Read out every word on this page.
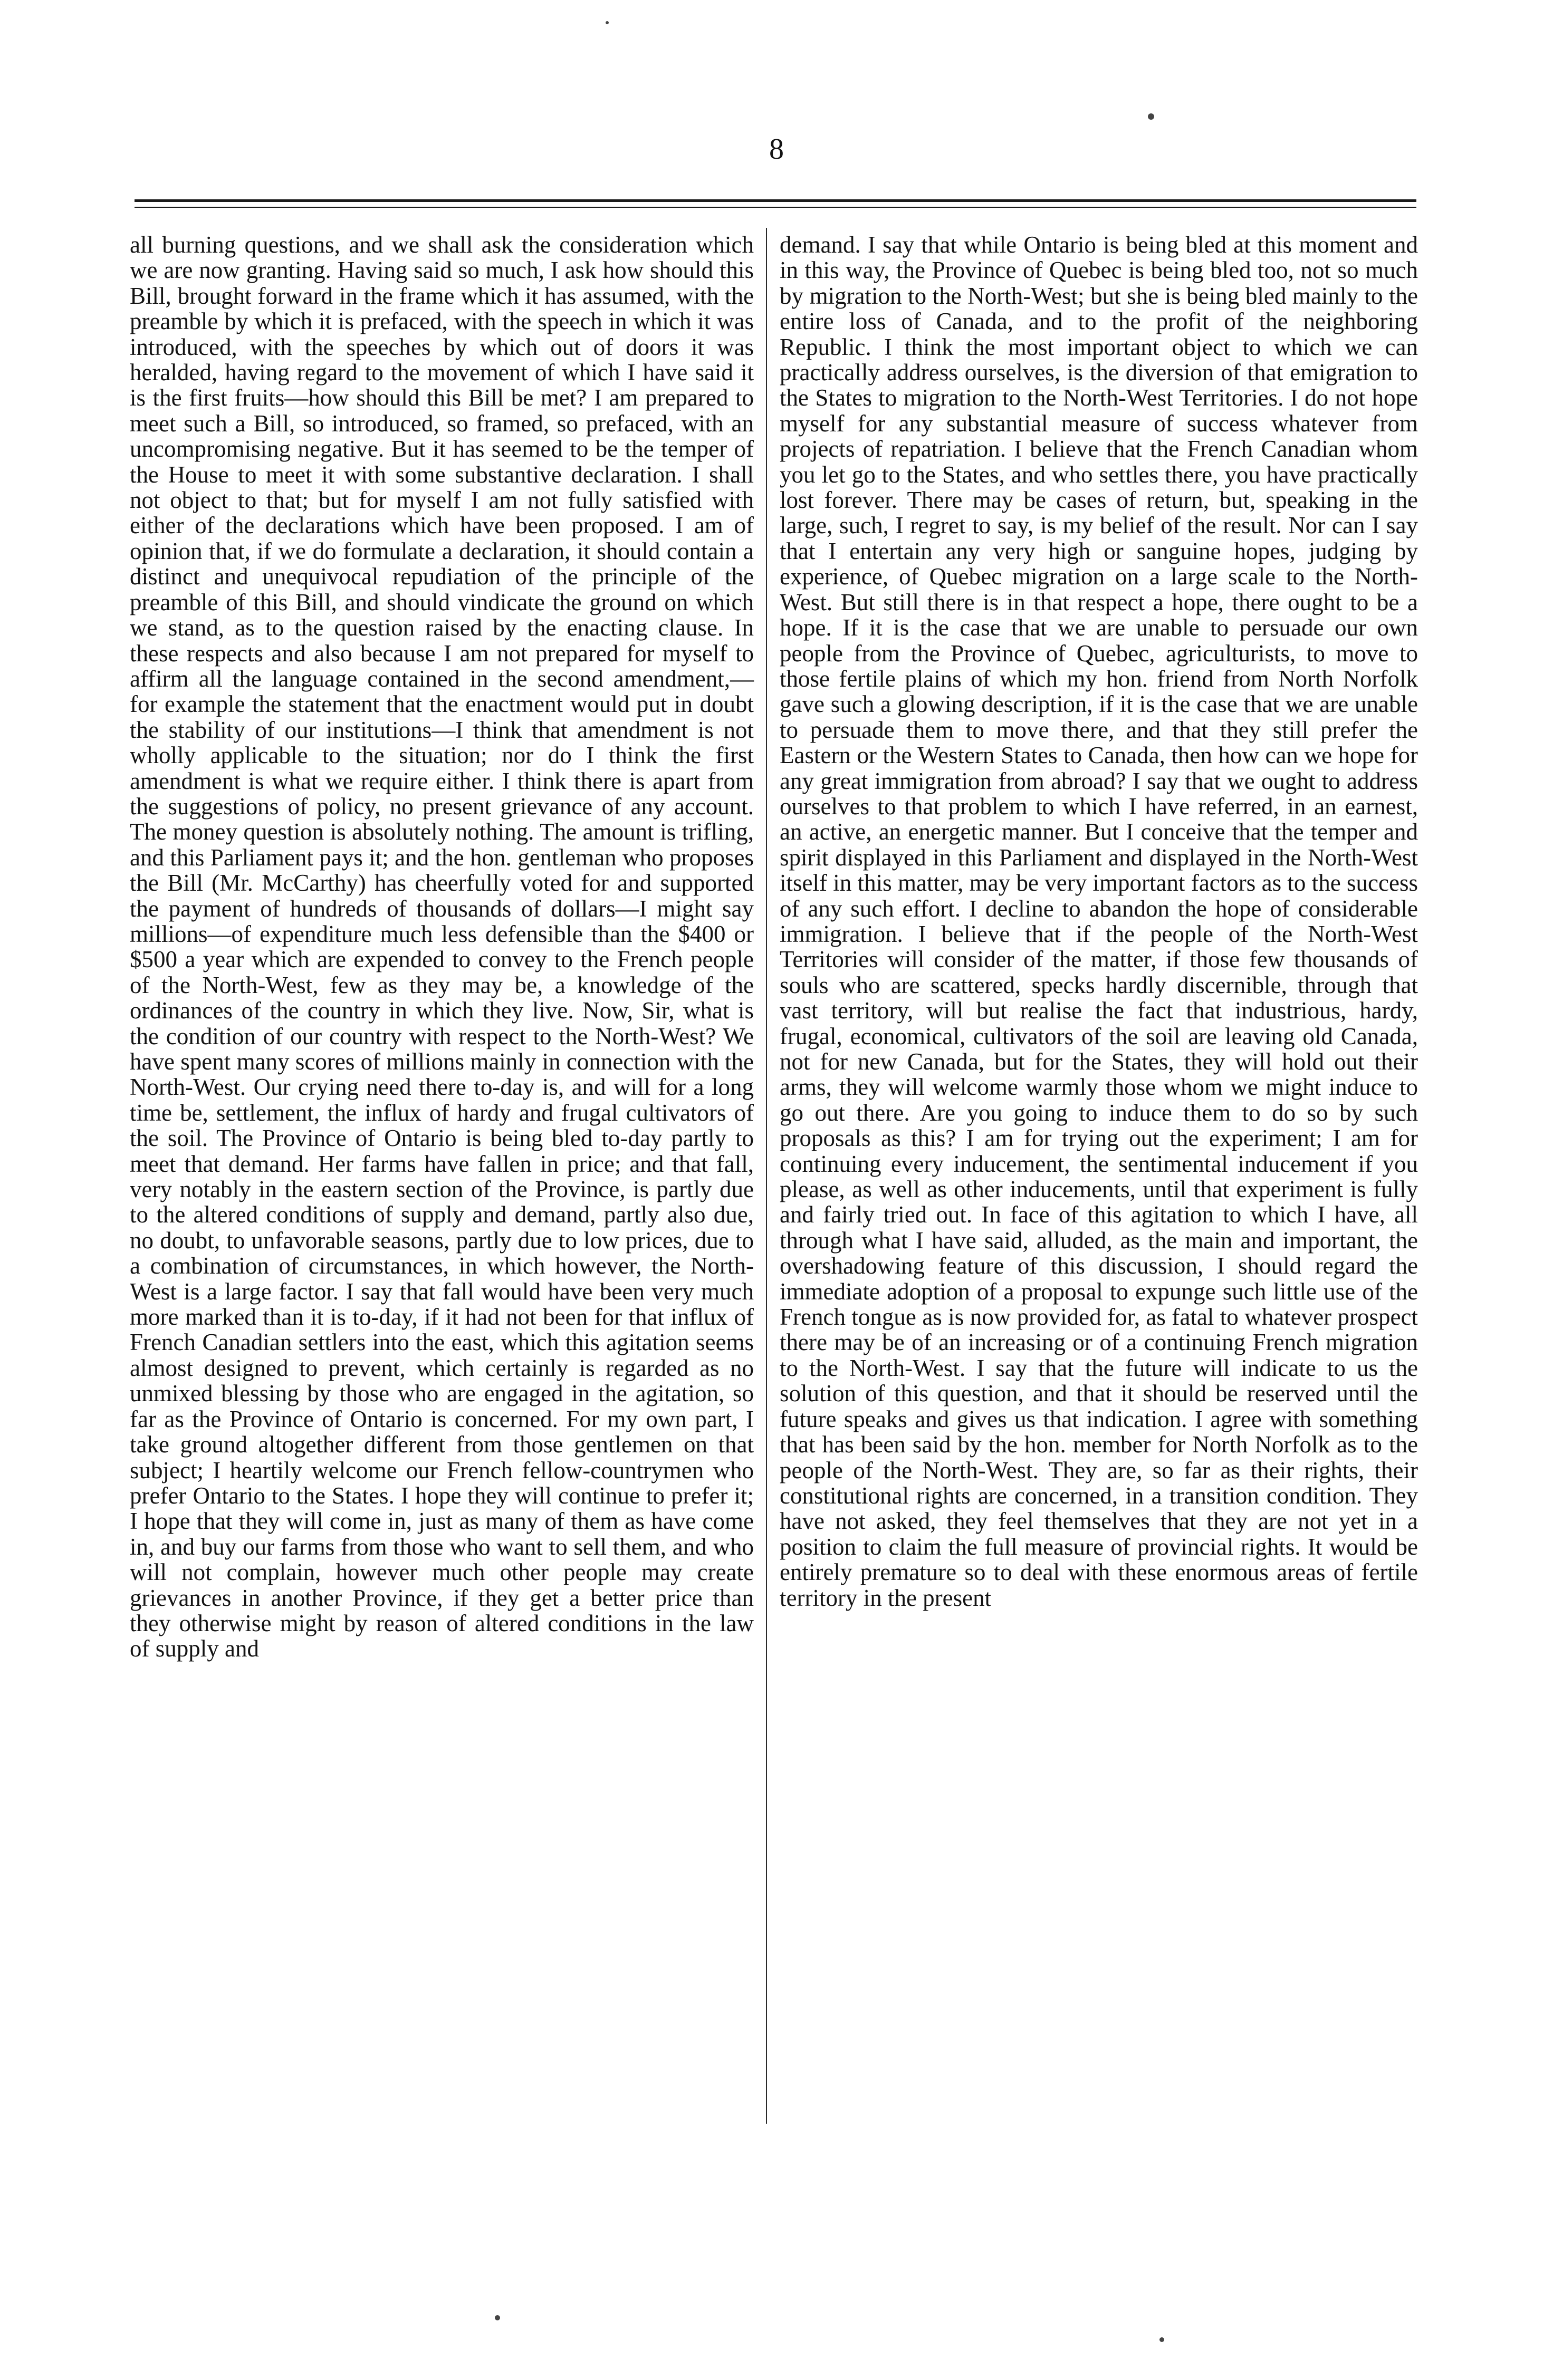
8

all burning questions, and we shall ask the consideration which we are now granting. Having said so much, I ask how should this Bill, brought forward in the frame which it has assumed, with the preamble by which it is prefaced, with the speech in which it was introduced, with the speeches by which out of doors it was heralded, having regard to the movement of which I have said it is the first fruits—how should this Bill be met? I am prepared to meet such a Bill, so introduced, so framed, so prefaced, with an uncompromising negative. But it has seemed to be the temper of the House to meet it with some substantive declaration. I shall not object to that; but for myself I am not fully satisfied with either of the declarations which have been proposed. I am of opinion that, if we do formulate a declaration, it should contain a distinct and unequivocal repudiation of the principle of the preamble of this Bill, and should vindicate the ground on which we stand, as to the question raised by the enacting clause. In these respects and also because I am not prepared for myself to affirm all the language contained in the second amendment,— for example the statement that the enactment would put in doubt the stability of our institutions—I think that amendment is not wholly applicable to the situation; nor do I think the first amendment is what we require either. I think there is apart from the suggestions of policy, no present grievance of any account. The money question is absolutely nothing. The amount is trifling, and this Parliament pays it; and the hon. gentleman who proposes the Bill (Mr. McCarthy) has cheerfully voted for and supported the payment of hundreds of thousands of dollars—I might say millions—of expenditure much less defensible than the $400 or $500 a year which are expended to convey to the French people of the North-West, few as they may be, a knowledge of the ordinances of the country in which they live. Now, Sir, what is the condition of our country with respect to the North-West? We have spent many scores of millions mainly in connection with the North-West. Our crying need there to-day is, and will for a long time be, settlement, the influx of hardy and frugal cultivators of the soil. The Province of Ontario is being bled to-day partly to meet that demand. Her farms have fallen in price; and that fall, very notably in the eastern section of the Province, is partly due to the altered conditions of supply and demand, partly also due, no doubt, to unfavorable seasons, partly due to low prices, due to a combination of circumstances, in which however, the North-West is a large factor. I say that fall would have been very much more marked than it is to-day, if it had not been for that influx of French Canadian settlers into the east, which this agitation seems almost designed to prevent, which certainly is regarded as no unmixed blessing by those who are engaged in the agitation, so far as the Province of Ontario is concerned. For my own part, I take ground altogether different from those gentlemen on that subject; I heartily welcome our French fellow-countrymen who prefer Ontario to the States. I hope they will continue to prefer it; I hope that they will come in, just as many of them as have come in, and buy our farms from those who want to sell them, and who will not complain, however much other people may create grievances in another Province, if they get a better price than they otherwise might by reason of altered conditions in the law of supply and

demand. I say that while Ontario is being bled at this moment and in this way, the Province of Quebec is being bled too, not so much by migration to the North-West; but she is being bled mainly to the entire loss of Canada, and to the profit of the neighboring Republic. I think the most important object to which we can practically address ourselves, is the diversion of that emigration to the States to migration to the North-West Territories. I do not hope myself for any substantial measure of success whatever from projects of repatriation. I believe that the French Canadian whom you let go to the States, and who settles there, you have practically lost forever. There may be cases of return, but, speaking in the large, such, I regret to say, is my belief of the result. Nor can I say that I entertain any very high or sanguine hopes, judging by experience, of Quebec migration on a large scale to the North-West. But still there is in that respect a hope, there ought to be a hope. If it is the case that we are unable to persuade our own people from the Province of Quebec, agriculturists, to move to those fertile plains of which my hon. friend from North Norfolk gave such a glowing description, if it is the case that we are unable to persuade them to move there, and that they still prefer the Eastern or the Western States to Canada, then how can we hope for any great immigration from abroad? I say that we ought to address ourselves to that problem to which I have referred, in an earnest, an active, an energetic manner. But I conceive that the temper and spirit displayed in this Parliament and displayed in the North-West itself in this matter, may be very important factors as to the success of any such effort. I decline to abandon the hope of considerable immigration. I believe that if the people of the North-West Territories will consider of the matter, if those few thousands of souls who are scattered, specks hardly discernible, through that vast territory, will but realise the fact that industrious, hardy, frugal, economical, cultivators of the soil are leaving old Canada, not for new Canada, but for the States, they will hold out their arms, they will welcome warmly those whom we might induce to go out there. Are you going to induce them to do so by such proposals as this? I am for trying out the experiment; I am for continuing every inducement, the sentimental inducement if you please, as well as other inducements, until that experiment is fully and fairly tried out. In face of this agitation to which I have, all through what I have said, alluded, as the main and important, the overshadowing feature of this discussion, I should regard the immediate adoption of a proposal to expunge such little use of the French tongue as is now provided for, as fatal to whatever prospect there may be of an increasing or of a continuing French migration to the North-West. I say that the future will indicate to us the solution of this question, and that it should be reserved until the future speaks and gives us that indication. I agree with something that has been said by the hon. member for North Norfolk as to the people of the North-West. They are, so far as their rights, their constitutional rights are concerned, in a transition condition. They have not asked, they feel themselves that they are not yet in a position to claim the full measure of provincial rights. It would be entirely premature so to deal with these enormous areas of fertile territory in the present
